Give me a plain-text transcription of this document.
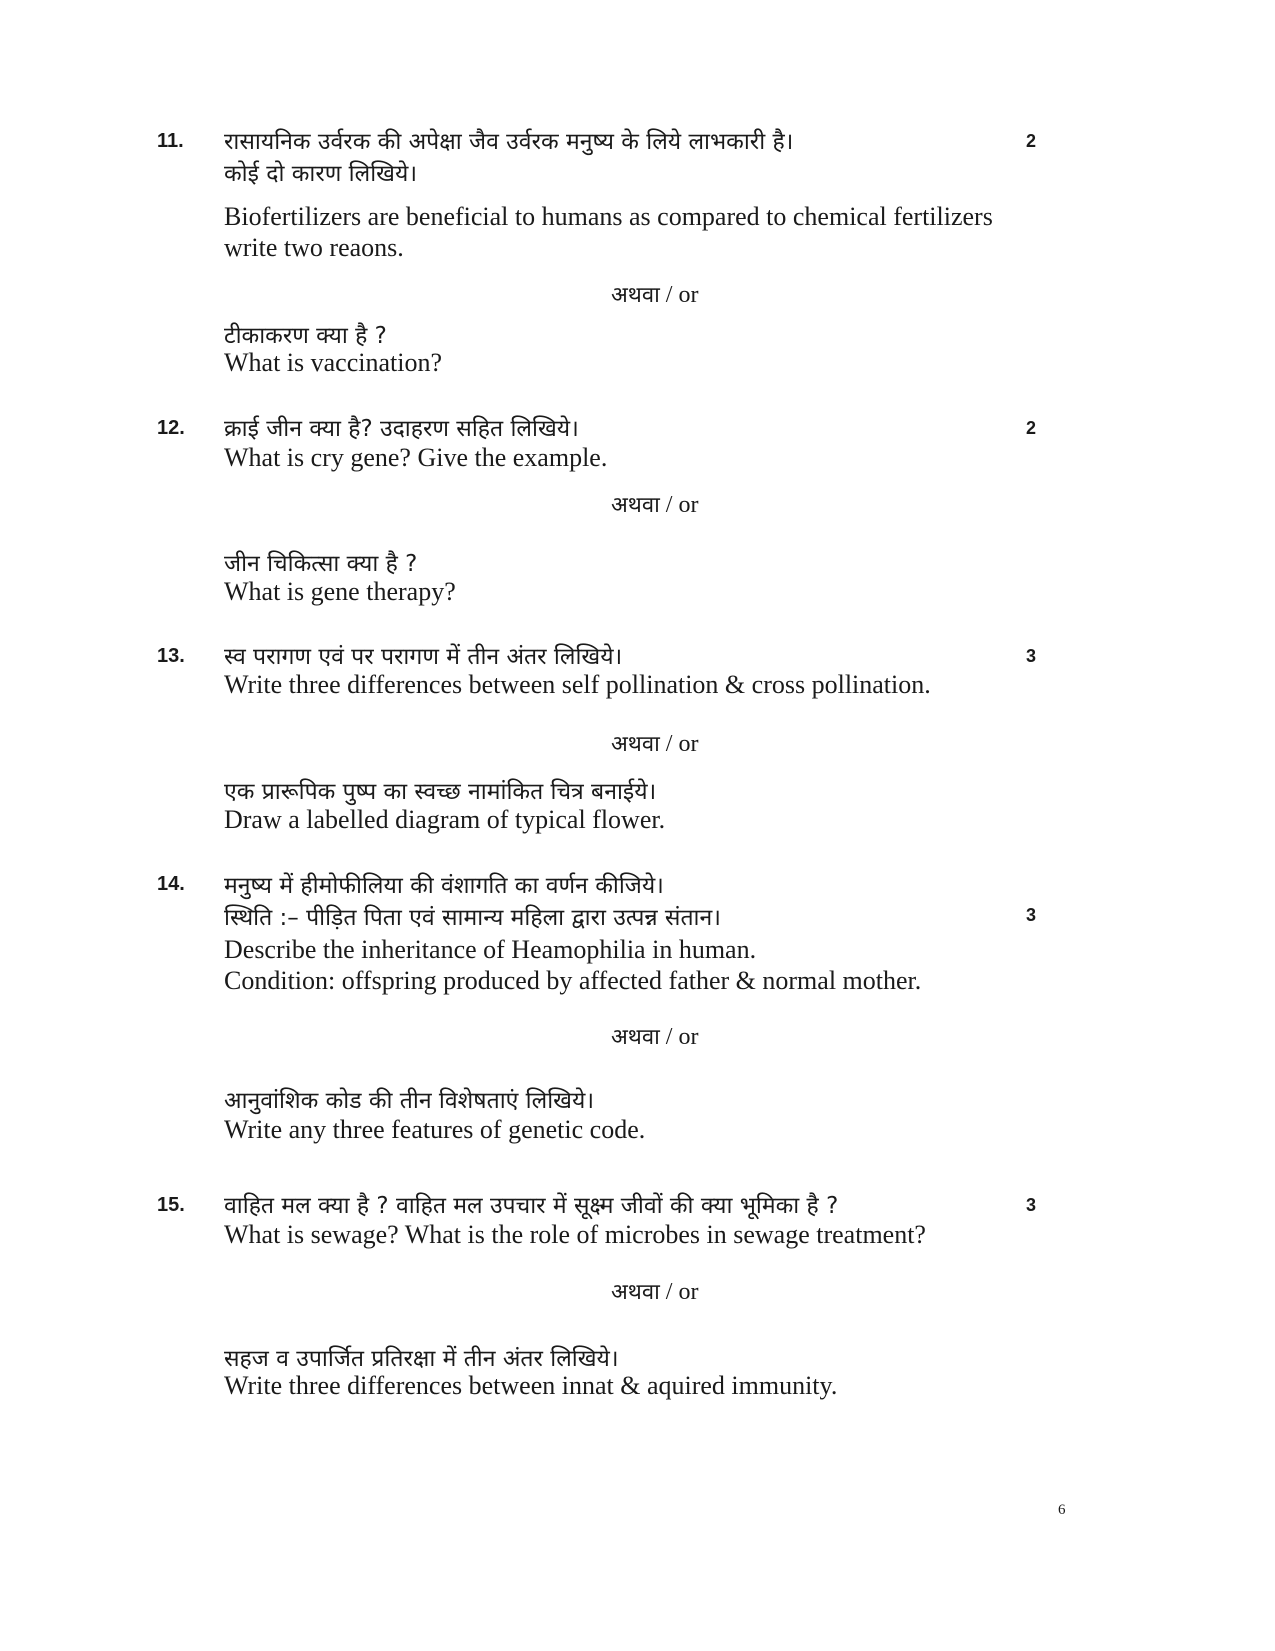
11. रासायनिक उर्वरक की अपेक्षा जैव उर्वरक मनुष्य के लिये लाभकारी है।	2
कोई दो कारण लिखिये।
Biofertilizers are beneficial to humans as compared to chemical fertilizers
write two reaons.
अथवा / or
टीकाकरण क्या है ?
What is vaccination?
12. क्राई जीन क्या है? उदाहरण सहित लिखिये।	2
What is cry gene? Give the example.
अथवा / or
जीन चिकित्सा क्या है ?
What is gene therapy?
13. स्व परागण एवं पर परागण में तीन अंतर लिखिये।	3
Write three differences between self pollination & cross pollination.
अथवा / or
एक प्रारूपिक पुष्प का स्वच्छ नामांकित चित्र बनाईये।
Draw a labelled diagram of typical flower.
14. मनुष्य में हीमोफीलिया की वंशागति का वर्णन कीजिये।
स्थिति :– पीड़ित पिता एवं सामान्य महिला द्वारा उत्पन्न संतान।	3
Describe the inheritance of Heamophilia in human.
Condition: offspring produced by affected father & normal mother.
अथवा / or
आनुवांशिक कोड की तीन विशेषताएं लिखिये।
Write any three features of genetic code.
15. वाहित मल क्या है ? वाहित मल उपचार में सूक्ष्म जीवों की क्या भूमिका है ?	3
What is sewage? What is the role of microbes in sewage treatment?
अथवा / or
सहज व उपार्जित प्रतिरक्षा में तीन अंतर लिखिये।
Write three differences between innat & aquired immunity.
6
